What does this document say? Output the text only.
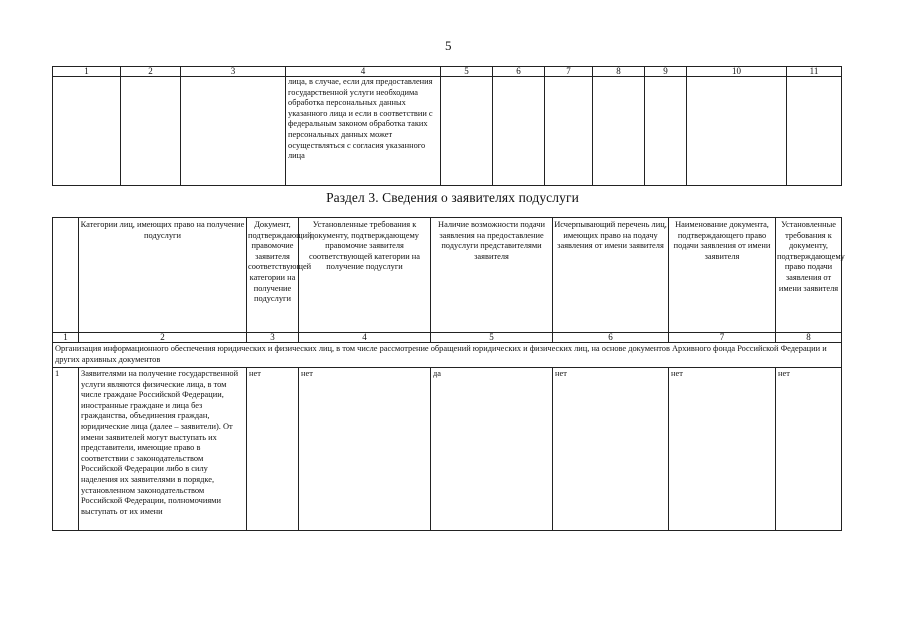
5
1	2	3	4	5	6	7	8	9	10	11
			лица, в случае, если для предоставления государственной услуги необходима обработка персональных данных указанного лица и если в соответствии с федеральным законом обработка таких персональных данных может осуществляться с согласия указанного лица							
Раздел 3. Сведения о заявителях подуслуги
	Категории лиц, имеющих право на получение подуслуги	Документ, подтверждающий правомочие заявителя соответствующей категории на получение подуслуги	Установленные требования к документу, подтверждающему правомочие заявителя соответствующей категории на получение подуслуги	Наличие возможности подачи заявления на предоставление подуслуги представителями заявителя	Исчерпывающий перечень лиц, имеющих право на подачу заявления от имени заявителя	Наименование документа, подтверждающего право подачи заявления от имени заявителя	Установленные требования к документу, подтверждающему право подачи заявления от имени заявителя
1	2	3	4	5	6	7	8
Организация информационного обеспечения юридических и физических лиц, в том числе рассмотрение обращений юридических и физических лиц, на основе документов Архивного фонда Российской Федерации и других архивных документов							
1	Заявителями на получение государственной услуги являются физические лица, в том числе граждане Российской Федерации, иностранные граждане и лица без гражданства, объединения граждан, юридические лица (далее – заявители). От имени заявителей могут выступать их представители, имеющие право в соответствии с законодательством Российской Федерации либо в силу наделения их заявителями в порядке, установленном законодательством Российской Федерации, полномочиями выступать от их имени	нет	нет	да	нет	нет	нет
